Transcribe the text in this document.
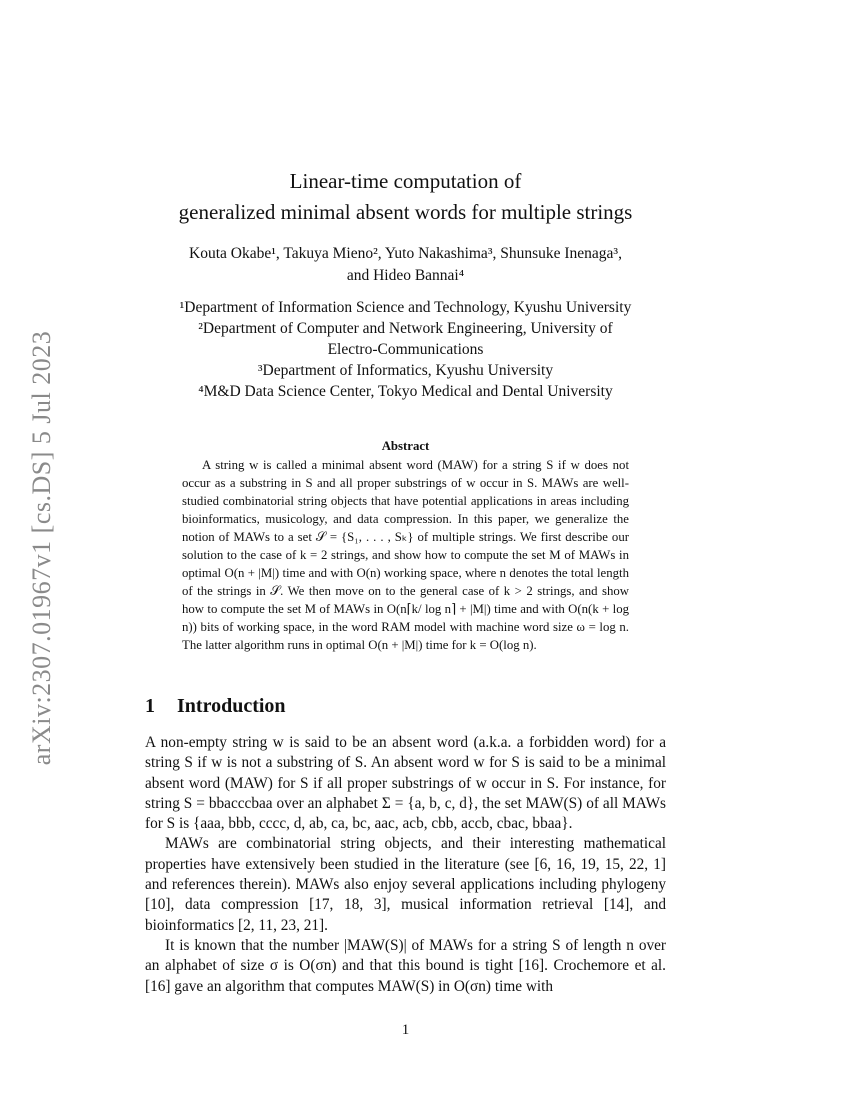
arXiv:2307.01967v1 [cs.DS] 5 Jul 2023
Linear-time computation of
generalized minimal absent words for multiple strings
Kouta Okabe¹, Takuya Mieno², Yuto Nakashima³, Shunsuke Inenaga³,
and Hideo Bannai⁴
¹Department of Information Science and Technology, Kyushu University
²Department of Computer and Network Engineering, University of
Electro-Communications
³Department of Informatics, Kyushu University
⁴M&D Data Science Center, Tokyo Medical and Dental University
Abstract

A string w is called a minimal absent word (MAW) for a string S if w does not occur as a substring in S and all proper substrings of w occur in S. MAWs are well-studied combinatorial string objects that have potential applications in areas including bioinformatics, musicology, and data compression. In this paper, we generalize the notion of MAWs to a set 𝒮 = {S₁, . . . , Sₖ} of multiple strings. We first describe our solution to the case of k = 2 strings, and show how to compute the set M of MAWs in optimal O(n + |M|) time and with O(n) working space, where n denotes the total length of the strings in 𝒮. We then move on to the general case of k > 2 strings, and show how to compute the set M of MAWs in O(n⌈k/ log n⌉ + |M|) time and with O(n(k + log n)) bits of working space, in the word RAM model with machine word size ω = log n. The latter algorithm runs in optimal O(n + |M|) time for k = O(log n).

1 Introduction

A non-empty string w is said to be an absent word (a.k.a. a forbidden word) for a string S if w is not a substring of S. An absent word w for S is said to be a minimal absent word (MAW) for S if all proper substrings of w occur in S. For instance, for string S = bbacccbaa over an alphabet Σ = {a, b, c, d}, the set MAW(S) of all MAWs for S is {aaa, bbb, cccc, d, ab, ca, bc, aac, acb, cbb, accb, cbac, bbaa}.

MAWs are combinatorial string objects, and their interesting mathematical properties have extensively been studied in the literature (see [6, 16, 19, 15, 22, 1] and references therein). MAWs also enjoy several applications including phylogeny [10], data compression [17, 18, 3], musical information retrieval [14], and bioinformatics [2, 11, 23, 21].

It is known that the number |MAW(S)| of MAWs for a string S of length n over an alphabet of size σ is O(σn) and that this bound is tight [16]. Crochemore et al. [16] gave an algorithm that computes MAW(S) in O(σn) time with

1
